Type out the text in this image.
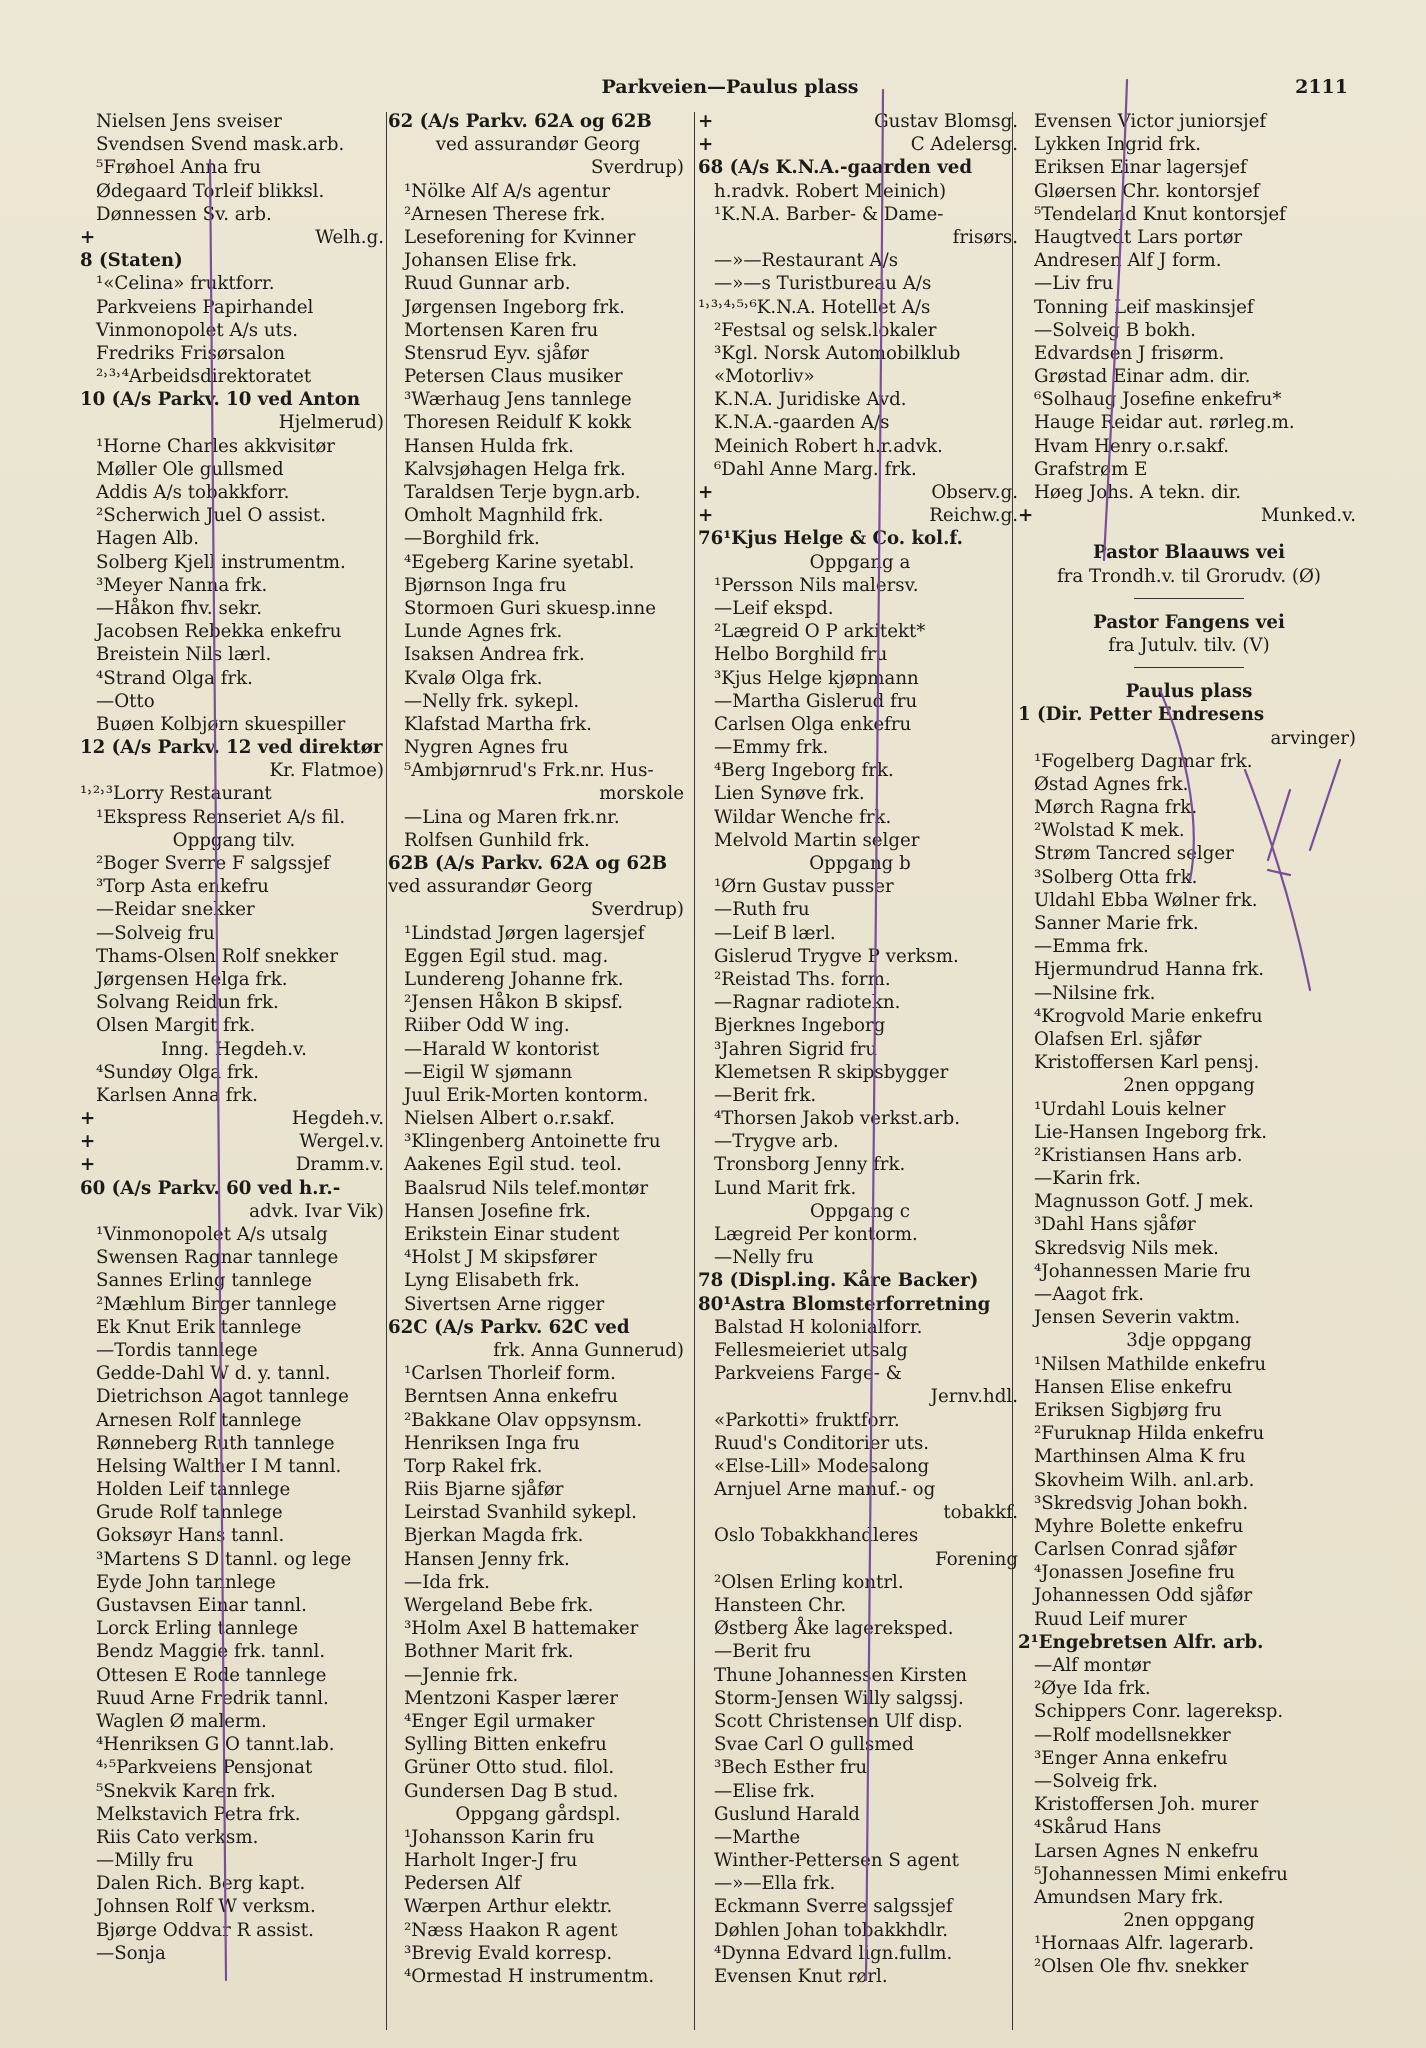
Parkveien—Paulus plass	2111
Nielsen Jens sveiser
Svendsen Svend mask.arb.
⁵Frøhoel Anna fru
Ødegaard Torleif blikksl.
Dønnessen Sv. arb.
+	Welh.g.
8 (Staten)
¹«Celina» fruktforr.
Parkveiens Papirhandel
Vinmonopolet A/s uts.
Fredriks Frisørsalon
²˒³˒⁴Arbeidsdirektoratet
10 (A/s Parkv. 10 ved Anton
Hjelmerud)
¹Horne Charles akkvisitør
Møller Ole gullsmed
Addis A/s tobakkforr.
²Scherwich Juel O assist.
Hagen Alb.
Solberg Kjell instrumentm.
³Meyer Nanna frk.
—Håkon fhv. sekr.
Jacobsen Rebekka enkefru
Breistein Nils lærl.
⁴Strand Olga frk.
—Otto
Buøen Kolbjørn skuespiller
12 (A/s Parkv. 12 ved direktør
Kr. Flatmoe)
¹˒²˒³Lorry Restaurant
¹Ekspress Renseriet A/s fil.
Oppgang tilv.
²Boger Sverre F salgssjef
³Torp Asta enkefru
—Reidar snekker
—Solveig fru
Thams-Olsen Rolf snekker
Jørgensen Helga frk.
Solvang Reidun frk.
Olsen Margit frk.
Inng. Hegdeh.v.
⁴Sundøy Olga frk.
Karlsen Anna frk.
+	Hegdeh.v.
+	Wergel.v.
+	Dramm.v.
60 (A/s Parkv. 60 ved h.r.-
advk. Ivar Vik)
¹Vinmonopolet A/s utsalg
Swensen Ragnar tannlege
Sannes Erling tannlege
²Mæhlum Birger tannlege
Ek Knut Erik tannlege
—Tordis tannlege
Gedde-Dahl W d. y. tannl.
Dietrichson Aagot tannlege
Arnesen Rolf tannlege
Rønneberg Ruth tannlege
Helsing Walther I M tannl.
Holden Leif tannlege
Grude Rolf tannlege
Goksøyr Hans tannl.
³Martens S D tannl. og lege
Eyde John tannlege
Gustavsen Einar tannl.
Lorck Erling tannlege
Bendz Maggie frk. tannl.
Ottesen E Rode tannlege
Ruud Arne Fredrik tannl.
Waglen Ø malerm.
⁴Henriksen G O tannt.lab.
⁴˒⁵Parkveiens Pensjonat
⁵Snekvik Karen frk.
Melkstavich Petra frk.
Riis Cato verksm.
—Milly fru
Dalen Rich. Berg kapt.
Johnsen Rolf W verksm.
Bjørge Oddvar R assist.
—Sonja
62 (A/s Parkv. 62A og 62B
ved assurandør Georg
Sverdrup)
¹Nölke Alf A/s agentur
²Arnesen Therese frk.
Leseforening for Kvinner
Johansen Elise frk.
Ruud Gunnar arb.
Jørgensen Ingeborg frk.
Mortensen Karen fru
Stensrud Eyv. sjåfør
Petersen Claus musiker
³Wærhaug Jens tannlege
Thoresen Reidulf K kokk
Hansen Hulda frk.
Kalvsjøhagen Helga frk.
Taraldsen Terje bygn.arb.
Omholt Magnhild frk.
—Borghild frk.
⁴Egeberg Karine syetabl.
Bjørnson Inga fru
Stormoen Guri skuesp.inne
Lunde Agnes frk.
Isaksen Andrea frk.
Kvalø Olga frk.
—Nelly frk. sykepl.
Klafstad Martha frk.
Nygren Agnes fru
⁵Ambjørnrud's Frk.nr. Hus-
morskole
—Lina og Maren frk.nr.
Rolfsen Gunhild frk.
62B (A/s Parkv. 62A og 62B
ved assurandør Georg
Sverdrup)
¹Lindstad Jørgen lagersjef
Eggen Egil stud. mag.
Lundereng Johanne frk.
²Jensen Håkon B skipsf.
Riiber Odd W ing.
—Harald W kontorist
—Eigil W sjømann
Juul Erik-Morten kontorm.
Nielsen Albert o.r.sakf.
³Klingenberg Antoinette fru
Aakenes Egil stud. teol.
Baalsrud Nils telef.montør
Hansen Josefine frk.
Erikstein Einar student
⁴Holst J M skipsfører
Lyng Elisabeth frk.
Sivertsen Arne rigger
62C (A/s Parkv. 62C ved
frk. Anna Gunnerud)
¹Carlsen Thorleif form.
Berntsen Anna enkefru
²Bakkane Olav oppsynsm.
Henriksen Inga fru
Torp Rakel frk.
Riis Bjarne sjåfør
Leirstad Svanhild sykepl.
Bjerkan Magda frk.
Hansen Jenny frk.
—Ida frk.
Wergeland Bebe frk.
³Holm Axel B hattemaker
Bothner Marit frk.
—Jennie frk.
Mentzoni Kasper lærer
⁴Enger Egil urmaker
Sylling Bitten enkefru
Grüner Otto stud. filol.
Gundersen Dag B stud.
Oppgang gårdspl.
¹Johansson Karin fru
Harholt Inger-J fru
Pedersen Alf
Wærpen Arthur elektr.
²Næss Haakon R agent
³Brevig Evald korresp.
⁴Ormestad H instrumentm.
+	Gustav Blomsg.
+	C Adelersg.
68 (A/s K.N.A.-gaarden ved
h.radvk. Robert Meinich)
¹K.N.A. Barber- & Dame-
frisørs.
—»—Restaurant A/s
—»—s Turistbureau A/s
¹˒³˒⁴˒⁵˒⁶K.N.A. Hotellet A/s
²Festsal og selsk.lokaler
³Kgl. Norsk Automobilklub
«Motorliv»
K.N.A. Juridiske Avd.
K.N.A.-gaarden A/s
Meinich Robert h.r.advk.
⁶Dahl Anne Marg. frk.
+	Observ.g.
+	Reichw.g.
76¹Kjus Helge & Co. kol.f.
Oppgang a
¹Persson Nils malersv.
—Leif ekspd.
²Lægreid O P arkitekt*
Helbo Borghild fru
³Kjus Helge kjøpmann
—Martha Gislerud fru
Carlsen Olga enkefru
—Emmy frk.
⁴Berg Ingeborg frk.
Lien Synøve frk.
Wildar Wenche frk.
Melvold Martin selger
Oppgang b
¹Ørn Gustav pusser
—Ruth fru
—Leif B lærl.
Gislerud Trygve P verksm.
²Reistad Ths. form.
—Ragnar radiotekn.
Bjerknes Ingeborg
³Jahren Sigrid fru
Klemetsen R skipsbygger
—Berit frk.
⁴Thorsen Jakob verkst.arb.
—Trygve arb.
Tronsborg Jenny frk.
Lund Marit frk.
Oppgang c
Lægreid Per kontorm.
—Nelly fru
78 (Displ.ing. Kåre Backer)
80¹Astra Blomsterforretning
Balstad H kolonialforr.
Fellesmeieriet utsalg
Parkveiens Farge- &
Jernv.hdl.
«Parkotti» fruktforr.
Ruud's Conditorier uts.
«Else-Lill» Modesalong
Arnjuel Arne manuf.- og
tobakkf.
Oslo Tobakkhandleres
Forening
²Olsen Erling kontrl.
Hansteen Chr.
Østberg Åke lagereksped.
—Berit fru
Thune Johannessen Kirsten
Storm-Jensen Willy salgssj.
Scott Christensen Ulf disp.
Svae Carl O gullsmed
³Bech Esther fru
—Elise frk.
Guslund Harald
—Marthe
Winther-Pettersen S agent
—»—Ella frk.
Eckmann Sverre salgssjef
Døhlen Johan tobakkhdlr.
⁴Dynna Edvard lign.fullm.
Evensen Knut rørl.
Evensen Victor juniorsjef
Lykken Ingrid frk.
Eriksen Einar lagersjef
Gløersen Chr. kontorsjef
⁵Tendeland Knut kontorsjef
Haugtvedt Lars portør
Andresen Alf J form.
—Liv fru
Tonning Leif maskinsjef
—Solveig B bokh.
Edvardsen J frisørm.
Grøstad Einar adm. dir.
⁶Solhaug Josefine enkefru*
Hauge Reidar aut. rørleg.m.
Hvam Henry o.r.sakf.
Grafstrøm E
Høeg Johs. A tekn. dir.
+	Munked.v.
Pastor Blaauws vei
fra Trondh.v. til Grorudv. (Ø)
Pastor Fangens vei
fra Jutulv. tilv. (V)
Paulus plass
1 (Dir. Petter Endresens
arvinger)
¹Fogelberg Dagmar frk.
Østad Agnes frk.
Mørch Ragna frk.
²Wolstad K mek.
Strøm Tancred selger
³Solberg Otta frk.
Uldahl Ebba Wølner frk.
Sanner Marie frk.
—Emma frk.
Hjermundrud Hanna frk.
—Nilsine frk.
⁴Krogvold Marie enkefru
Olafsen Erl. sjåfør
Kristoffersen Karl pensj.
2nen oppgang
¹Urdahl Louis kelner
Lie-Hansen Ingeborg frk.
²Kristiansen Hans arb.
—Karin frk.
Magnusson Gotf. J mek.
³Dahl Hans sjåfør
Skredsvig Nils mek.
⁴Johannessen Marie fru
—Aagot frk.
Jensen Severin vaktm.
3dje oppgang
¹Nilsen Mathilde enkefru
Hansen Elise enkefru
Eriksen Sigbjørg fru
²Furuknap Hilda enkefru
Marthinsen Alma K fru
Skovheim Wilh. anl.arb.
³Skredsvig Johan bokh.
Myhre Bolette enkefru
Carlsen Conrad sjåfør
⁴Jonassen Josefine fru
Johannessen Odd sjåfør
Ruud Leif murer
2¹Engebretsen Alfr. arb.
—Alf montør
²Øye Ida frk.
Schippers Conr. lagereksp.
—Rolf modellsnekker
³Enger Anna enkefru
—Solveig frk.
Kristoffersen Joh. murer
⁴Skårud Hans
Larsen Agnes N enkefru
⁵Johannessen Mimi enkefru
Amundsen Mary frk.
2nen oppgang
¹Hornaas Alfr. lagerarb.
²Olsen Ole fhv. snekker
